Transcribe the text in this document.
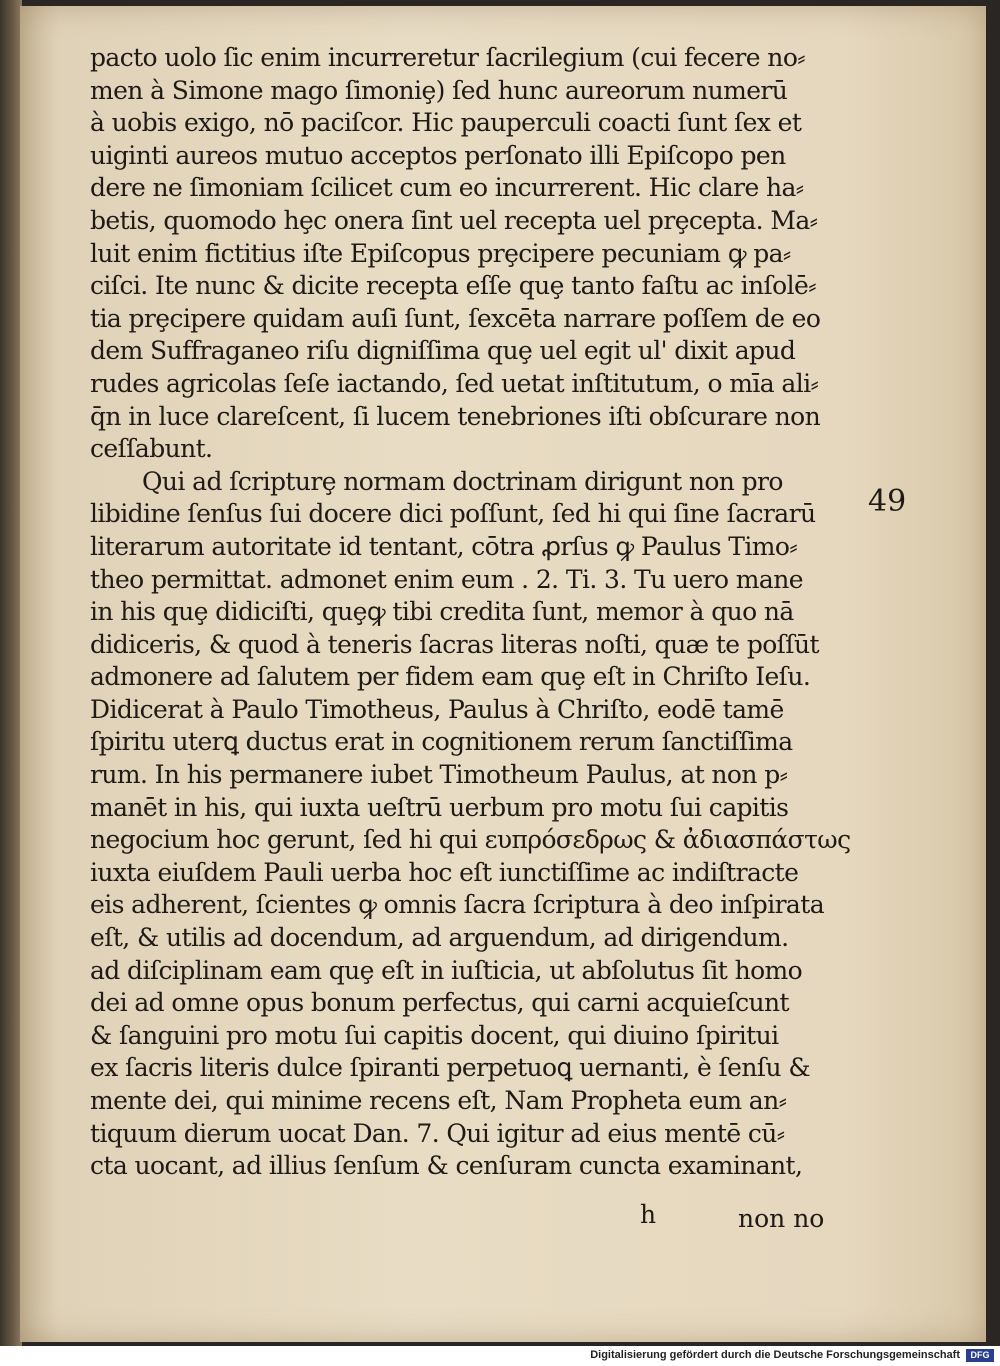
pacto uolo ſic enim incurreretur ſacrilegium (cui fecere no⸗
men à Simone mago ſimoniȩ) ſed hunc aureorum numerū
à uobis exigo, nō paciſcor. Hic pauperculi coacti ſunt ſex et
uiginti aureos mutuo acceptos perſonato illi Epiſcopo pen
dere ne ſimoniam ſcilicet cum eo incurrerent. Hic clare ha⸗
betis, quomodo hȩc onera ſint uel recepta uel prȩcepta. Ma⸗
luit enim fictitius iſte Epiſcopus prȩcipere pecuniam ꝙ pa⸗
ciſci. Ite nunc & dicite recepta eſſe quȩ tanto faſtu ac inſolē⸗
tia prȩcipere quidam auſi ſunt, ſexcēta narrare poſſem de eo
dem Suffraganeo riſu digniſſima quȩ uel egit ul' dixit apud
rudes agricolas ſeſe iactando, ſed uetat inſtitutum, o mīa ali⸗
q̄n in luce clareſcent, ſi lucem tenebriones iſti obſcurare non
ceſſabunt.
Qui ad ſcripturȩ normam doctrinam dirigunt non pro
libidine ſenſus ſui docere dici poſſunt, ſed hi qui ſine ſacrarū
literarum autoritate id tentant, cōtra ꝓrſus ꝙ Paulus Timo⸗
theo permittat. admonet enim eum . 2. Ti. 3. Tu uero mane
in his quȩ didiciſti, quȩꝙ tibi credita ſunt, memor à quo nā
didiceris, & quod à teneris ſacras literas noſti, quæ te poſſūt
admonere ad ſalutem per fidem eam quȩ eſt in Chriſto Ieſu.
Didicerat à Paulo Timotheus, Paulus à Chriſto, eodē tamē
ſpiritu uterꝗ ductus erat in cognitionem rerum ſanctiſſima
rum. In his permanere iubet Timotheum Paulus, at non p⸗
manēt in his, qui iuxta ueſtrū uerbum pro motu ſui capitis
negocium hoc gerunt, ſed hi qui ευπρόσεδρως & ἀδιασπάστως
iuxta eiuſdem Pauli uerba hoc eſt iunctiſſime ac indiſtracte
eis adherent, ſcientes ꝙ omnis ſacra ſcriptura à deo inſpirata
eſt, & utilis ad docendum, ad arguendum, ad dirigendum.
ad diſciplinam eam quȩ eſt in iuſticia, ut abſolutus ſit homo
dei ad omne opus bonum perfectus, qui carni acquieſcunt
& ſanguini pro motu ſui capitis docent, qui diuino ſpiritui
ex ſacris literis dulce ſpiranti perpetuoꝗ uernanti, è ſenſu &
mente dei, qui minime recens eſt, Nam Propheta eum an⸗
tiquum dierum uocat Dan. 7. Qui igitur ad eius mentē cū⸗
cta uocant, ad illius ſenſum & cenſuram cuncta examinant,
49
h	non no
Digitalisierung gefördert durch die Deutsche Forschungsgemeinschaft	DFG
